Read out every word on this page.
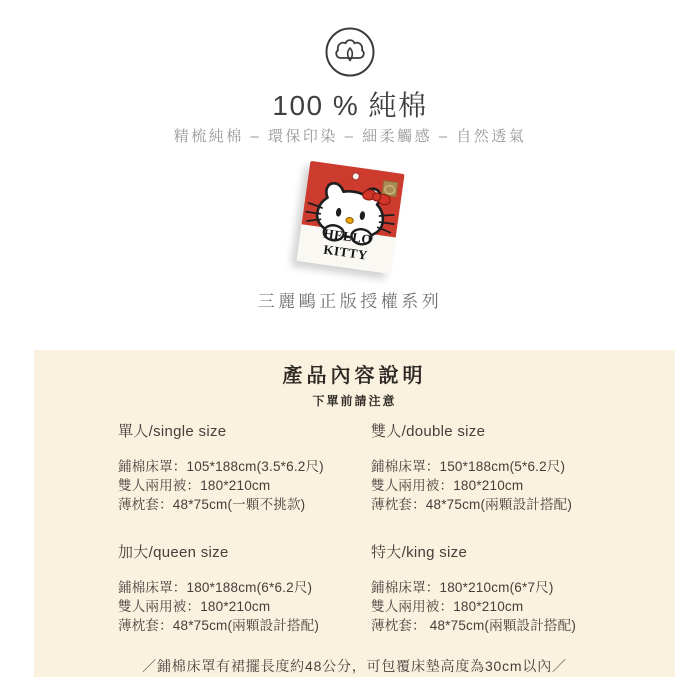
100 % 純棉
精梳純棉 – 環保印染 – 細柔觸感 – 自然透氣
HELLO KITTY
三麗鷗正版授權系列
產品內容說明
下單前請注意
單人/single size
鋪棉床罩：105*188cm(3.5*6.2尺)
雙人兩用被：180*210cm
薄枕套：48*75cm(一顆不挑款)
雙人/double size
鋪棉床罩：150*188cm(5*6.2尺)
雙人兩用被：180*210cm
薄枕套：48*75cm(兩顆設計搭配)
加大/queen size
鋪棉床罩：180*188cm(6*6.2尺)
雙人兩用被：180*210cm
薄枕套：48*75cm(兩顆設計搭配)
特大/king size
鋪棉床罩：180*210cm(6*7尺)
雙人兩用被：180*210cm
薄枕套： 48*75cm(兩顆設計搭配)
／鋪棉床罩有裙擺長度約48公分，可包覆床墊高度為30cm以內／
